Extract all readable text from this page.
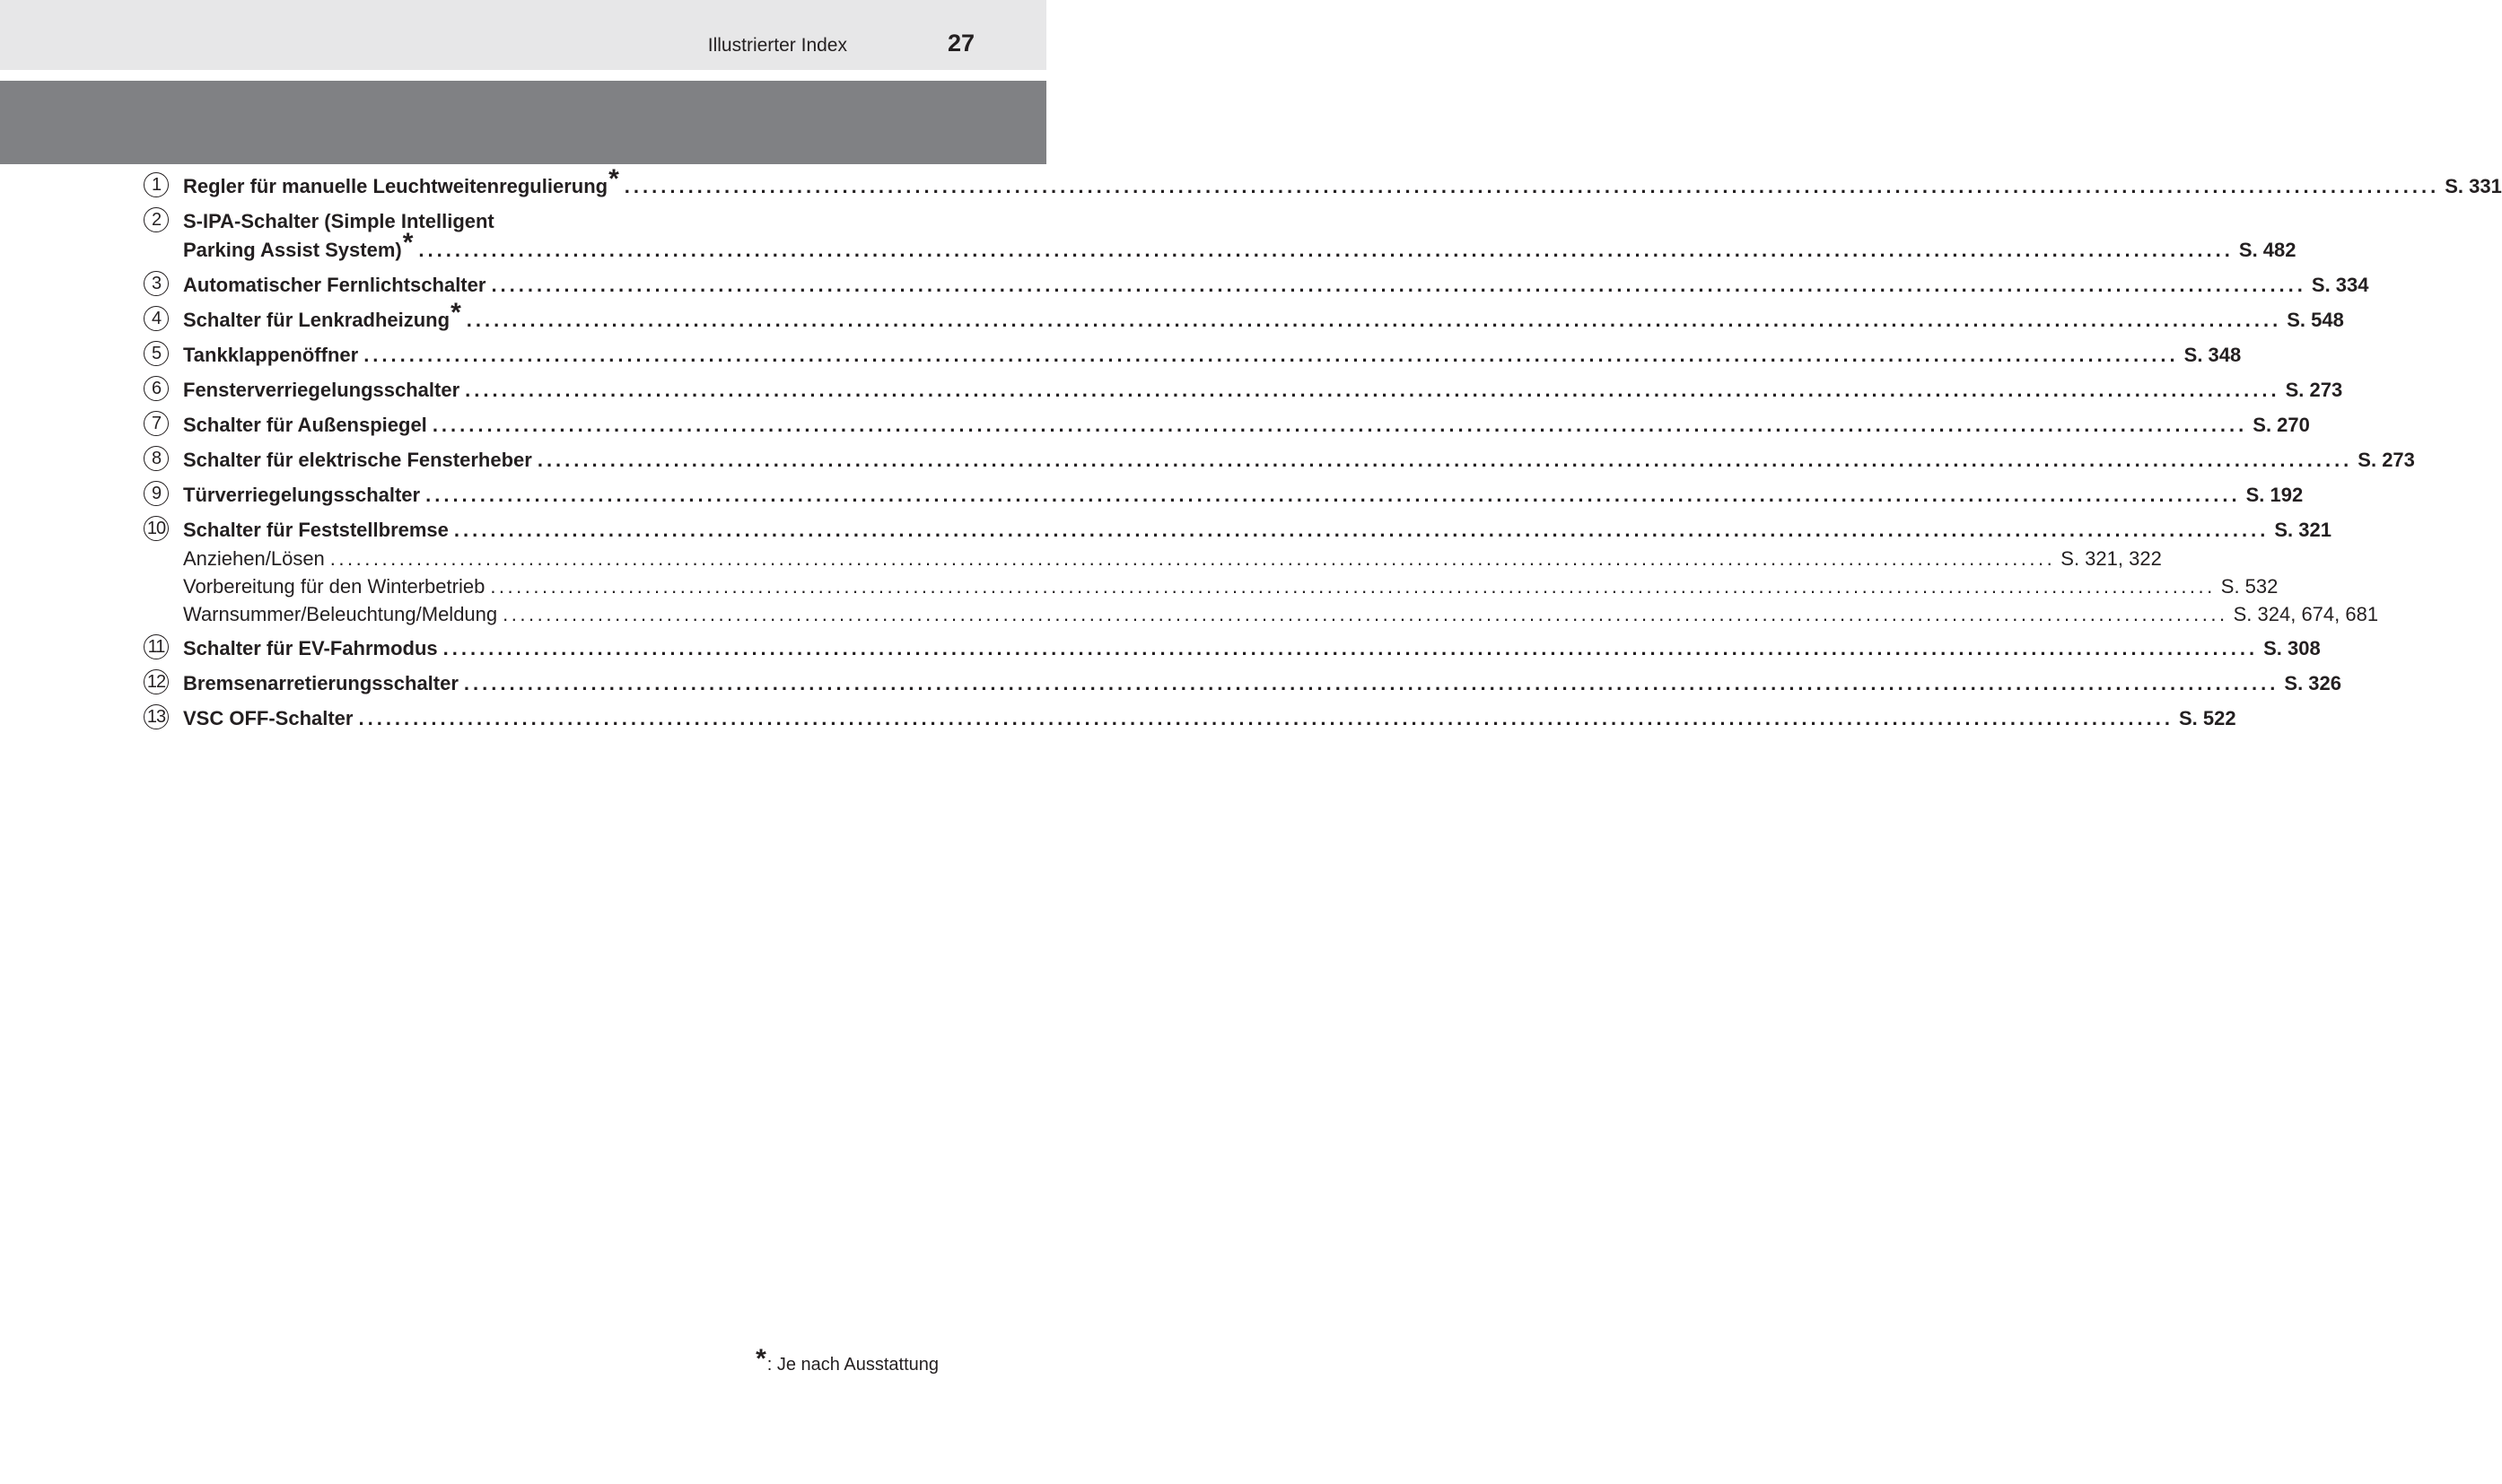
Illustrierter Index	27
1	Regler für manuelle Leuchtweitenregulierung* ........................................................................................................................................................................................................ S. 331
2	S-IPA-Schalter (Simple Intelligent
Parking Assist System)* ........................................................................................................................................................................................................ S. 482
3	Automatischer Fernlichtschalter ........................................................................................................................................................................................................ S. 334
4	Schalter für Lenkradheizung* ........................................................................................................................................................................................................ S. 548
5	Tankklappenöffner ........................................................................................................................................................................................................ S. 348
6	Fensterverriegelungsschalter ........................................................................................................................................................................................................ S. 273
7	Schalter für Außenspiegel ........................................................................................................................................................................................................ S. 270
8	Schalter für elektrische Fensterheber ........................................................................................................................................................................................................ S. 273
9	Türverriegelungsschalter ........................................................................................................................................................................................................ S. 192
10 Schalter für Feststellbremse ........................................................................................................................................................................................................ S. 321
Anziehen/Lösen ........................................................................................................................................................................................................ S. 321, 322
Vorbereitung für den Winterbetrieb ........................................................................................................................................................................................................ S. 532
Warnsummer/Beleuchtung/Meldung ........................................................................................................................................................................................................ S. 324, 674, 681
11 Schalter für EV-Fahrmodus ........................................................................................................................................................................................................ S. 308
12 Bremsenarretierungsschalter ........................................................................................................................................................................................................ S. 326
13 VSC OFF-Schalter ........................................................................................................................................................................................................ S. 522
*: Je nach Ausstattung
